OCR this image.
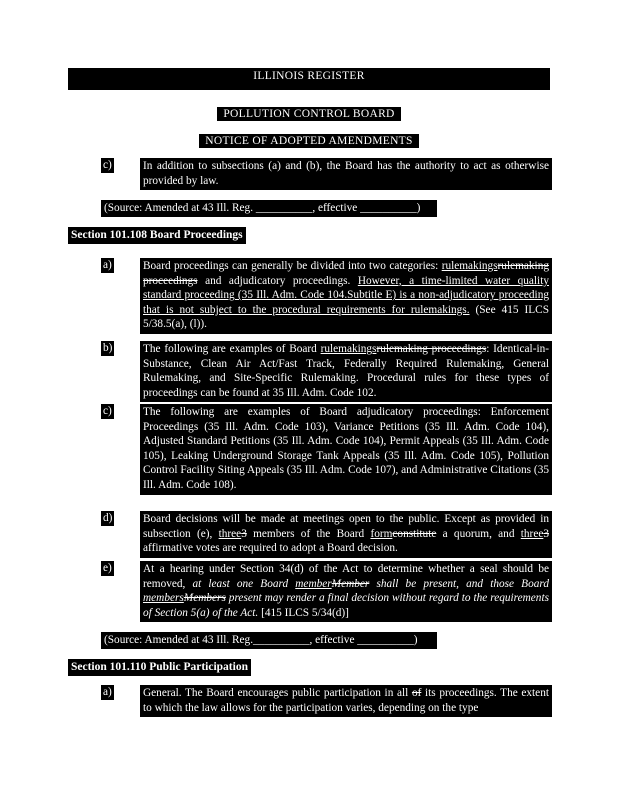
ILLINOIS REGISTER
POLLUTION CONTROL BOARD
NOTICE OF ADOPTED AMENDMENTS
c)	In addition to subsections (a) and (b), the Board has the authority to act as otherwise provided by law.
(Source: Amended at 43 Ill. Reg. __________, effective __________)
Section 101.108 Board Proceedings
a)	Board proceedings can generally be divided into two categories: rulemakingsrulemaking proceedings and adjudicatory proceedings. However, a time-limited water quality standard proceeding (35 Ill. Adm. Code 104.Subtitle E) is a non-adjudicatory proceeding that is not subject to the procedural requirements for rulemakings. (See 415 ILCS 5/38.5(a), (l)).
b)	The following are examples of Board rulemakingsrulemaking proceedings: Identical-in-Substance, Clean Air Act/Fast Track, Federally Required Rulemaking, General Rulemaking, and Site-Specific Rulemaking. Procedural rules for these types of proceedings can be found at 35 Ill. Adm. Code 102.
c)	The following are examples of Board adjudicatory proceedings: Enforcement Proceedings (35 Ill. Adm. Code 103), Variance Petitions (35 Ill. Adm. Code 104), Adjusted Standard Petitions (35 Ill. Adm. Code 104), Permit Appeals (35 Ill. Adm. Code 105), Leaking Underground Storage Tank Appeals (35 Ill. Adm. Code 105), Pollution Control Facility Siting Appeals (35 Ill. Adm. Code 107), and Administrative Citations (35 Ill. Adm. Code 108).
d)	Board decisions will be made at meetings open to the public. Except as provided in subsection (e), three3 members of the Board formconstitute a quorum, and three3 affirmative votes are required to adopt a Board decision.
e)	At a hearing under Section 34(d) of the Act to determine whether a seal should be removed, at least one Board memberMember shall be present, and those Board membersMembers present may render a final decision without regard to the requirements of Section 5(a) of the Act. [415 ILCS 5/34(d)]
(Source: Amended at 43 Ill. Reg.__________, effective __________)
Section 101.110 Public Participation
a)	General. The Board encourages public participation in all of its proceedings. The extent to which the law allows for the participation varies, depending on the type
